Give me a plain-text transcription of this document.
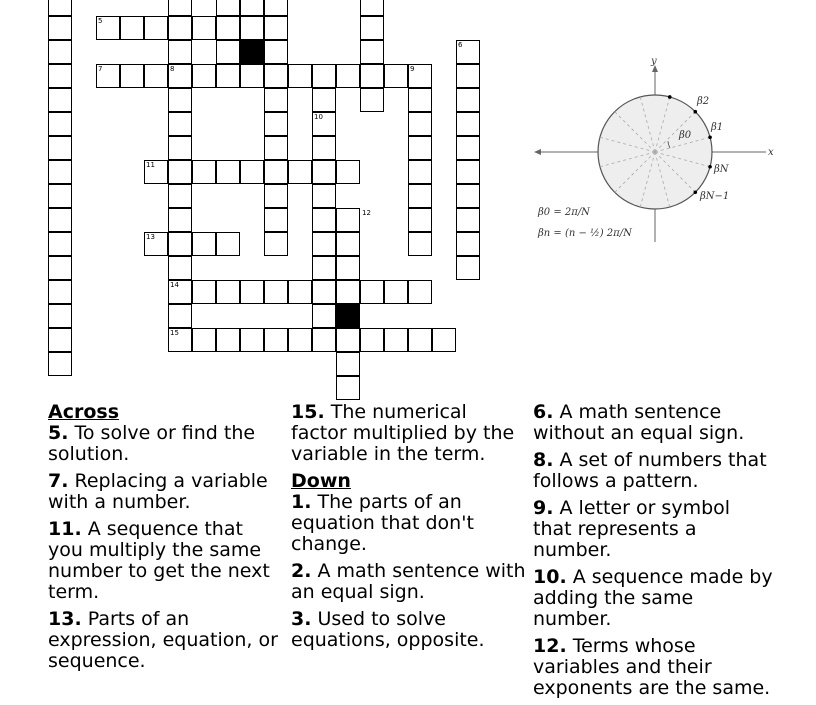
5
6
7	8	9
10
11
12
13
14
15
x
y
β2
β1
β0
βN
βN−1
β0 = 2π/N
βn = (n − ½) 2π/N
Across
5. To solve or find the solution.
7. Replacing a variable with a number.
11. A sequence that you multiply the same number to get the next term.
13. Parts of an expression, equation, or sequence.
15. The numerical factor multiplied by the variable in the term.
Down
1. The parts of an equation that don't change.
2. A math sentence with an equal sign.
3. Used to solve equations, opposite.
6. A math sentence without an equal sign.
8. A set of numbers that follows a pattern.
9. A letter or symbol that represents a number.
10. A sequence made by adding the same number.
12. Terms whose variables and their exponents are the same.
